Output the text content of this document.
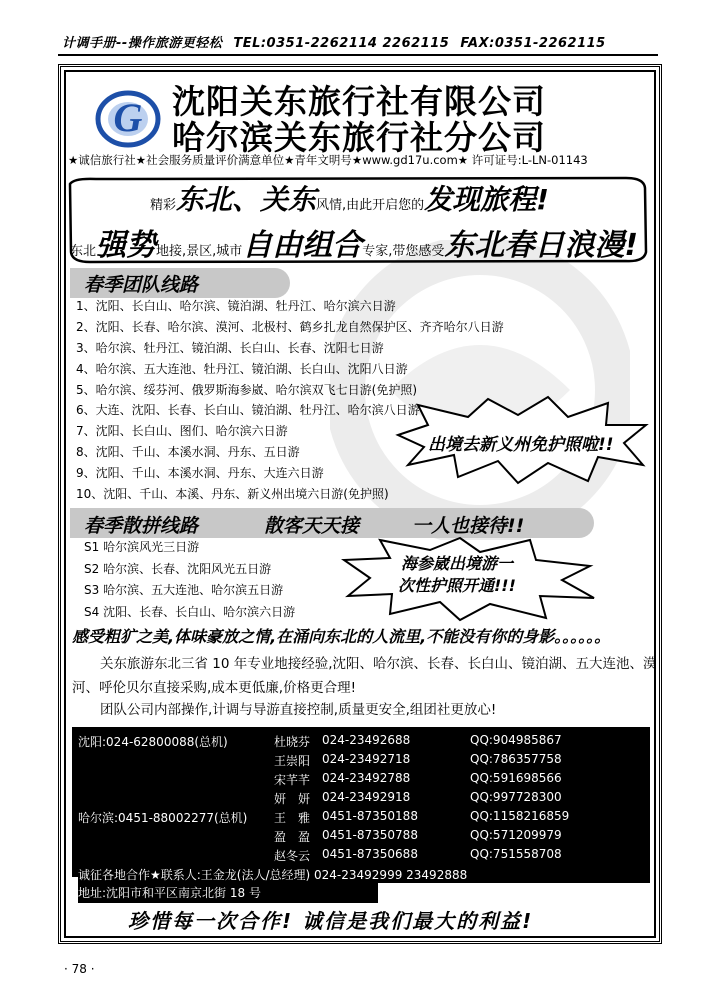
计调手册--操作旅游更轻松 TEL:0351-2262114 2262115 FAX:0351-2262115
G 沈阳关东旅行社有限公司
哈尔滨关东旅行社分公司
★诚信旅行社★社会服务质量评价满意单位★青年文明号★www.gd17u.com★ 许可证号:L-LN-01143
精彩东北、关东风情,由此开启您的发现旅程!
东北强势地接,景区,城市自由组合专家,带您感受东北春日浪漫!
春季团队线路
1、沈阳、长白山、哈尔滨、镜泊湖、牡丹江、哈尔滨六日游
2、沈阳、长春、哈尔滨、漠河、北极村、鹤乡扎龙自然保护区、齐齐哈尔八日游
3、哈尔滨、牡丹江、镜泊湖、长白山、长春、沈阳七日游
4、哈尔滨、五大连池、牡丹江、镜泊湖、长白山、沈阳八日游
5、哈尔滨、绥芬河、俄罗斯海参崴、哈尔滨双飞七日游(免护照)
6、大连、沈阳、长春、长白山、镜泊湖、牡丹江、哈尔滨八日游
7、沈阳、长白山、图们、哈尔滨六日游
8、沈阳、千山、本溪水洞、丹东、五日游
9、沈阳、千山、本溪水洞、丹东、大连六日游
10、沈阳、千山、本溪、丹东、新义州出境六日游(免护照)
出境去新义州免护照啦!!
春季散拼线路	散客天天接	一人也接待!!
S1 哈尔滨风光三日游
S2 哈尔滨、长春、沈阳风光五日游
S3 哈尔滨、五大连池、哈尔滨五日游
S4 沈阳、长春、长白山、哈尔滨六日游
海参崴出境游一
次性护照开通!!!
感受粗犷之美,体味豪放之情,在涌向东北的人流里,不能没有你的身影。。。。。。
关东旅游东北三省 10 年专业地接经验,沈阳、哈尔滨、长春、长白山、镜泊湖、五大连池、漠河、呼伦贝尔直接采购,成本更低廉,价格更合理!
团队公司内部操作,计调与导游直接控制,质量更安全,组团社更放心!
沈阳:024-62800088(总机)
哈尔滨:0451-88002277(总机)
杜晓芬 024-23492688	QQ:904985867
王崇阳 024-23492718	QQ:786357758
宋芊芊 024-23492788	QQ:591698566
妍　妍 024-23492918	QQ:997728300
王　雅 0451-87350188	QQ:1158216859
盈　盈 0451-87350788	QQ:571209979
赵冬云 0451-87350688	QQ:751558708
诚征各地合作★联系人:王金龙(法人/总经理) 024-23492999 23492888
地址:沈阳市和平区南京北街 18 号
珍惜每一次合作! 诚信是我们最大的利益!
· 78 ·
